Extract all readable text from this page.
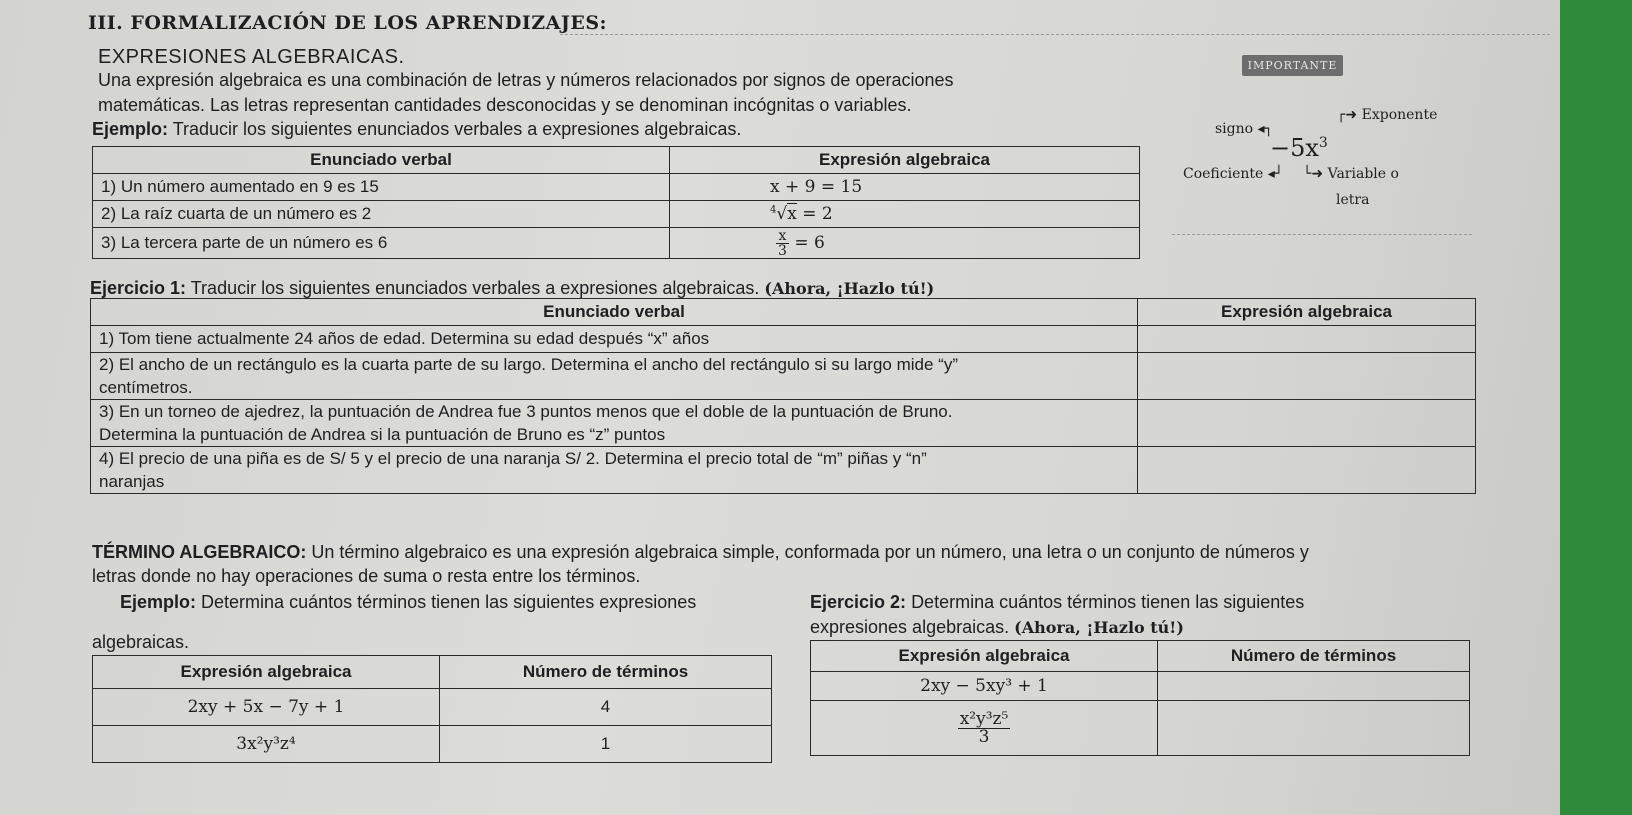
III. FORMALIZACIÓN DE LOS APRENDIZAJES:
EXPRESIONES ALGEBRAICAS.
Una expresión algebraica es una combinación de letras y números relacionados por signos de operaciones
matemáticas. Las letras representan cantidades desconocidas y se denominan incógnitas o variables.
Ejemplo: Traducir los siguientes enunciados verbales a expresiones algebraicas.
Enunciado verbal	Expresión algebraica
1) Un número aumentado en 9 es 15	x + 9 = 15
2) La raíz cuarta de un número es 2	$^4$√x = 2
3) La tercera parte de un número es 6	$\frac{x}{3} = 6$
IMPORTANTE
┌➜ Exponente
signo ◂┐
$-5x^3$
Coeficiente ◂┘ └➜ Variable o
letra
Ejercicio 1: Traducir los siguientes enunciados verbales a expresiones algebraicas. (Ahora, ¡Hazlo tú!)
Enunciado verbal	Expresión algebraica

1) Tom tiene actualmente 24 años de edad. Determina su edad después “x” años	

2) El ancho de un rectángulo es la cuarta parte de su largo. Determina el ancho del rectángulo si su largo mide “y”
centímetros.	

3) En un torneo de ajedrez, la puntuación de Andrea fue 3 puntos menos que el doble de la puntuación de Bruno.
Determina la puntuación de Andrea si la puntuación de Bruno es “z” puntos	

4) El precio de una piña es de S/ 5 y el precio de una naranja S/ 2. Determina el precio total de “m” piñas y “n”
naranjas	

TÉRMINO ALGEBRAICO: Un término algebraico es una expresión algebraica simple, conformada por un número, una letra o un conjunto de números y
letras donde no hay operaciones de suma o resta entre los términos.
Ejemplo: Determina cuántos términos tienen las siguientes expresiones
algebraicas.
Expresión algebraica	Número de términos
2xy + 5x − 7y + 1	4
3x²y³z⁴	1
Ejercicio 2: Determina cuántos términos tienen las siguientes
expresiones algebraicas. (Ahora, ¡Hazlo tú!)
Expresión algebraica	Número de términos
2xy − 5xy³ + 1	

$\frac{\text{x²y³z⁵}}{3}$
